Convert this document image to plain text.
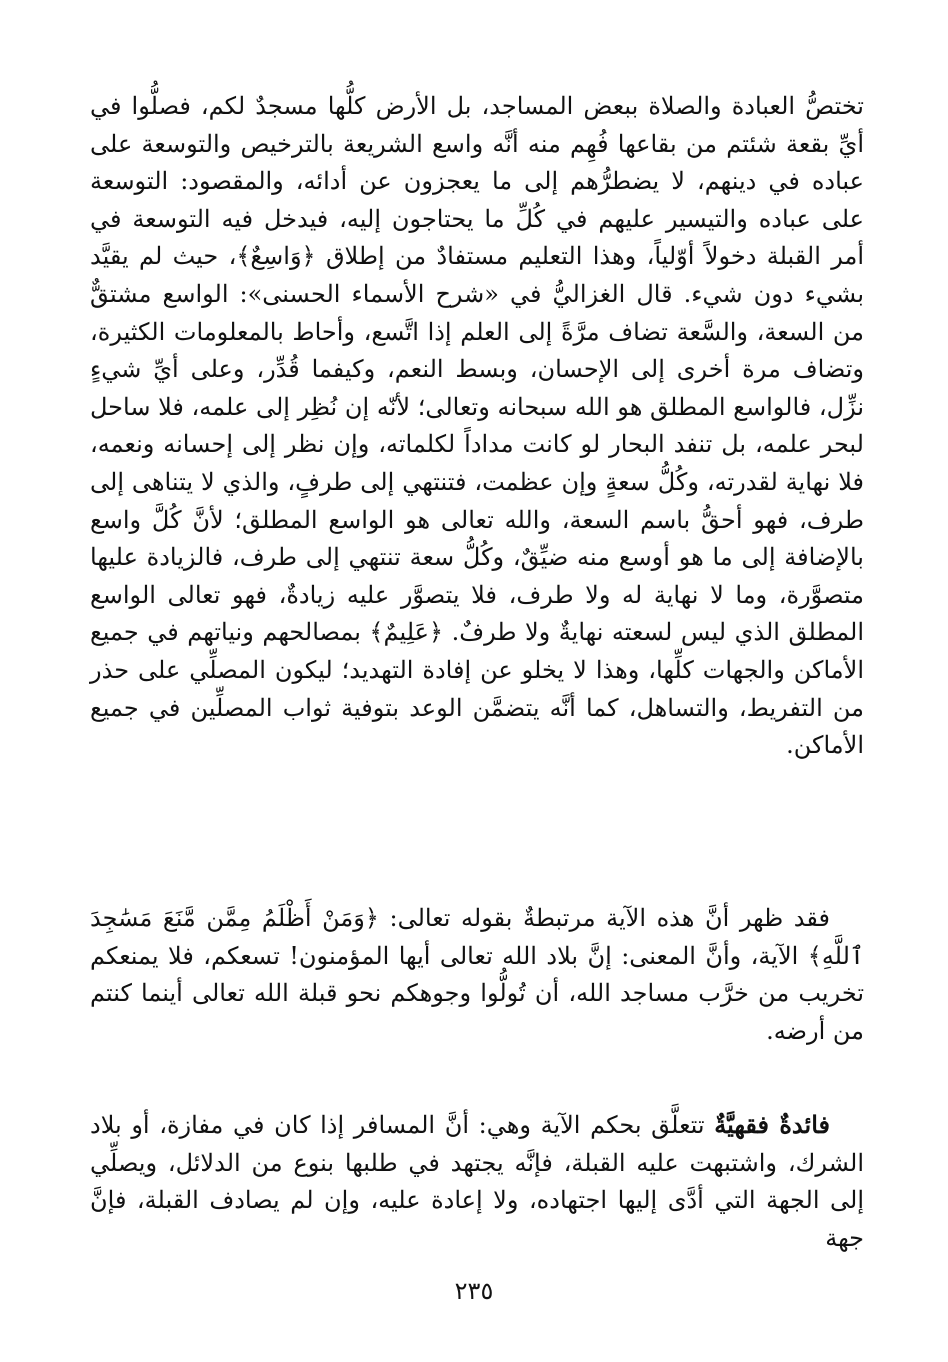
تختصُّ العبادة والصلاة ببعض المساجد، بل الأرض كلُّها مسجدٌ لكم، فصلُّوا في أيِّ بقعة شئتم من بقاعها فُهِم منه أنَّه واسع الشريعة بالترخيص والتوسعة على عباده في دينهم، لا يضطرُّهم إلى ما يعجزون عن أدائه، والمقصود: التوسعة على عباده والتيسير عليهم في كُلِّ ما يحتاجون إليه، فيدخل فيه التوسعة في أمر القبلة دخولاً أوّلياً، وهذا التعليم مستفادٌ من إطلاق ﴿وَاسِعٌ﴾، حيث لم يقيَّد بشيء دون شيء. قال الغزاليُّ في «شرح الأسماء الحسنى»: الواسع مشتقٌّ من السعة، والسَّعة تضاف مرَّةً إلى العلم إذا اتَّسع، وأحاط بالمعلومات الكثيرة، وتضاف مرة أخرى إلى الإحسان، وبسط النعم، وكيفما قُدِّر، وعلى أيِّ شيءٍ نزِّل، فالواسع المطلق هو الله سبحانه وتعالى؛ لأنّه إن نُظِر إلى علمه، فلا ساحل لبحر علمه، بل تنفد البحار لو كانت مداداً لكلماته، وإن نظر إلى إحسانه ونعمه، فلا نهاية لقدرته، وكُلُّ سعةٍ وإن عظمت، فتنتهي إلى طرفٍ، والذي لا يتناهى إلى طرف، فهو أحقُّ باسم السعة، والله تعالى هو الواسع المطلق؛ لأنَّ كُلَّ واسع بالإضافة إلى ما هو أوسع منه ضيِّقٌ، وكُلُّ سعة تنتهي إلى طرف، فالزيادة عليها متصوَّرة، وما لا نهاية له ولا طرف، فلا يتصوَّر عليه زيادةٌ، فهو تعالى الواسع المطلق الذي ليس لسعته نهايةٌ ولا طرفٌ. ﴿عَلِيمٌ﴾ بمصالحهم ونياتهم في جميع الأماكن والجهات كلِّها، وهذا لا يخلو عن إفادة التهديد؛ ليكون المصلِّي على حذر من التفريط، والتساهل، كما أنَّه يتضمَّن الوعد بتوفية ثواب المصلِّين في جميع الأماكن.

فقد ظهر أنَّ هذه الآية مرتبطةٌ بقوله تعالى: ﴿وَمَنْ أَظْلَمُ مِمَّن مَّنَعَ مَسَٰجِدَ ٱللَّهِ﴾ الآية، وأنَّ المعنى: إنَّ بلاد الله تعالى أيها المؤمنون! تسعكم، فلا يمنعكم تخريب من خرَّب مساجد الله، أن تُولُّوا وجوهكم نحو قبلة الله تعالى أينما كنتم من أرضه.

فائدةٌ فقهيَّةٌ تتعلَّق بحكم الآية وهي: أنَّ المسافر إذا كان في مفازة، أو بلاد الشرك، واشتبهت عليه القبلة، فإنَّه يجتهد في طلبها بنوع من الدلائل، ويصلِّي إلى الجهة التي أدَّى إليها اجتهاده، ولا إعادة عليه، وإن لم يصادف القبلة، فإنَّ جهة

٢٣٥
